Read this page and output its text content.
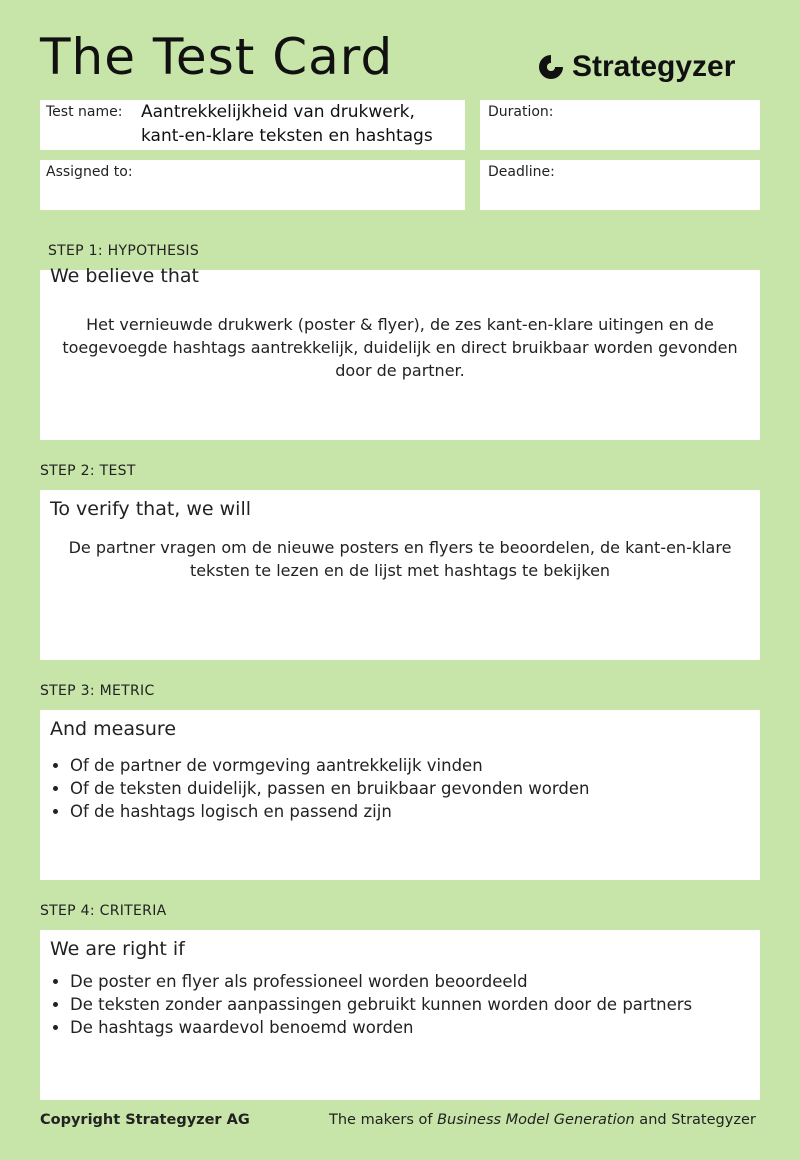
The Test Card	Strategyzer
Test name: Aantrekkelijkheid van drukwerk,
kant-en-klare teksten en hashtags
Duration:
Assigned to:	Deadline:
STEP 1: HYPOTHESIS
We believe that
Het vernieuwde drukwerk (poster & flyer), de zes kant-en-klare uitingen en de toegevoegde hashtags aantrekkelijk, duidelijk en direct bruikbaar worden gevonden door de partner.
STEP 2: TEST
To verify that, we will
De partner vragen om de nieuwe posters en flyers te beoordelen, de kant-en-klare teksten te lezen en de lijst met hashtags te bekijken
STEP 3: METRIC
And measure
• Of de partner de vormgeving aantrekkelijk vinden
• Of de teksten duidelijk, passen en bruikbaar gevonden worden
• Of de hashtags logisch en passend zijn
STEP 4: CRITERIA
We are right if
• De poster en flyer als professioneel worden beoordeeld
• De teksten zonder aanpassingen gebruikt kunnen worden door de partners
• De hashtags waardevol benoemd worden
Copyright Strategyzer AG	The makers of Business Model Generation and Strategyzer
